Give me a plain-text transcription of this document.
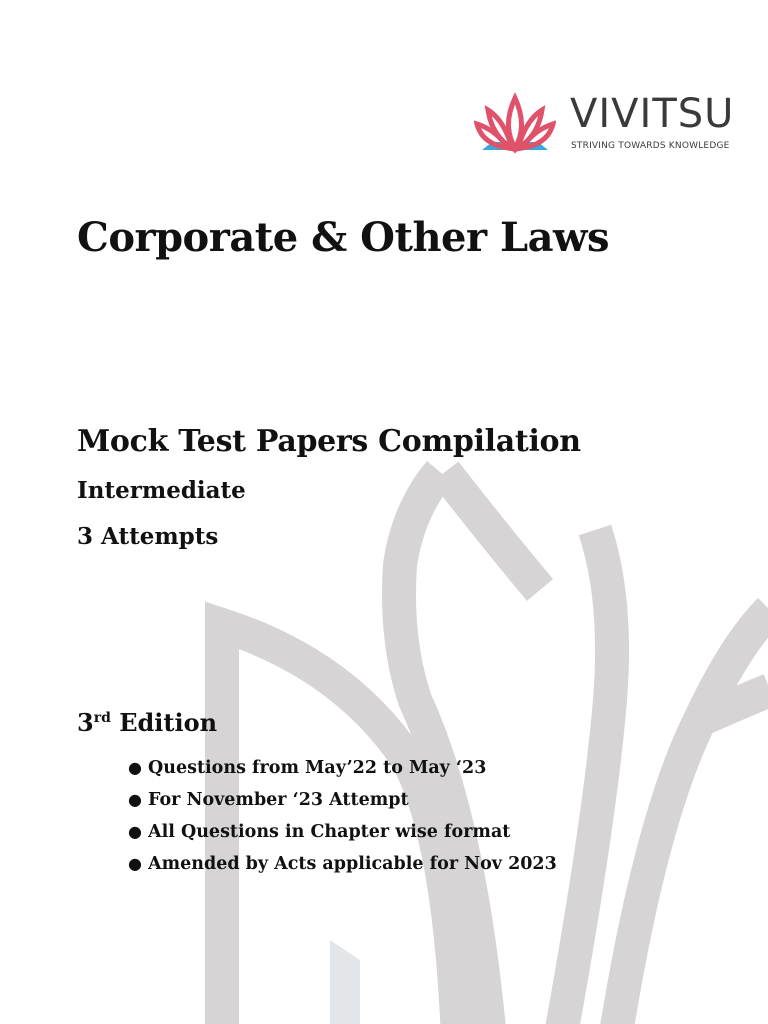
VIVITSU
STRIVING TOWARDS KNOWLEDGE
Corporate & Other Laws
Mock Test Papers Compilation
Intermediate
3 Attempts
3rd Edition
● Questions from May’22 to May ‘23
● For November ‘23 Attempt
● All Questions in Chapter wise format
● Amended by Acts applicable for Nov 2023
